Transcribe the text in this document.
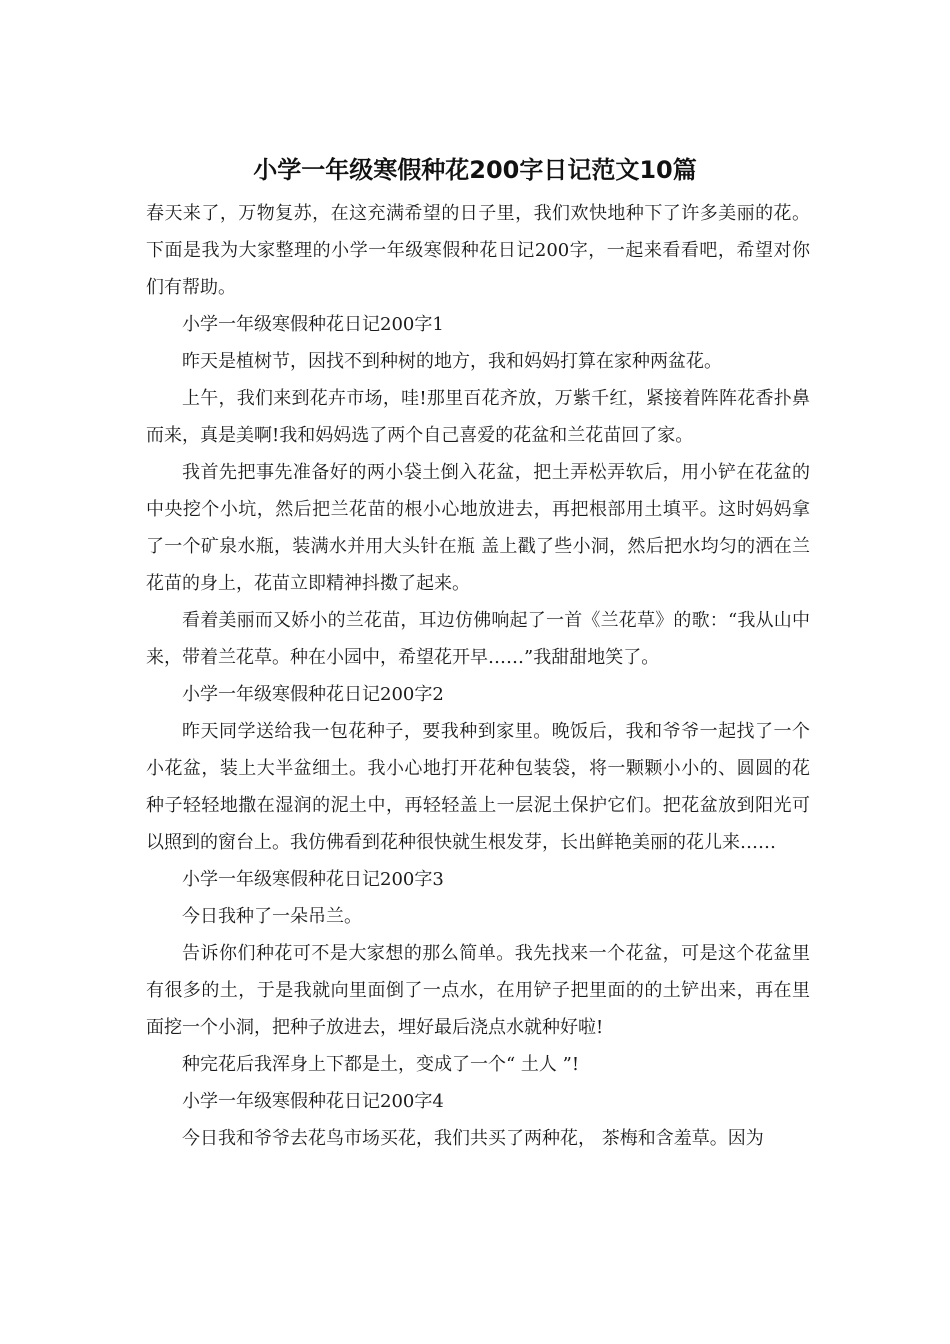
小学一年级寒假种花200字日记范文10篇

春天来了，万物复苏，在这充满希望的日子里，我们欢快地种下了许多美丽的花。下面是我为大家整理的小学一年级寒假种花日记200字，一起来看看吧，希望对你们有帮助。

小学一年级寒假种花日记200字1

昨天是植树节，因找不到种树的地方，我和妈妈打算在家种两盆花。

上午，我们来到花卉市场，哇!那里百花齐放，万紫千红，紧接着阵阵花香扑鼻而来，真是美啊!我和妈妈选了两个自己喜爱的花盆和兰花苗回了家。

我首先把事先准备好的两小袋土倒入花盆，把土弄松弄软后，用小铲在花盆的中央挖个小坑，然后把兰花苗的根小心地放进去，再把根部用土填平。这时妈妈拿了一个矿泉水瓶，装满水并用大头针在瓶 盖上戳了些小洞，然后把水均匀的洒在兰花苗的身上，花苗立即精神抖擞了起来。

看着美丽而又娇小的兰花苗，耳边仿佛响起了一首《兰花草》的歌：“我从山中来，带着兰花草。种在小园中，希望花开早……”我甜甜地笑了。

小学一年级寒假种花日记200字2

昨天同学送给我一包花种子，要我种到家里。晚饭后，我和爷爷一起找了一个小花盆，装上大半盆细土。我小心地打开花种包装袋，将一颗颗小小的、圆圆的花种子轻轻地撒在湿润的泥土中，再轻轻盖上一层泥土保护它们。把花盆放到阳光可以照到的窗台上。我仿佛看到花种很快就生根发芽，长出鲜艳美丽的花儿来……

小学一年级寒假种花日记200字3

今日我种了一朵吊兰。

告诉你们种花可不是大家想的那么简单。我先找来一个花盆，可是这个花盆里有很多的土，于是我就向里面倒了一点水，在用铲子把里面的的土铲出来，再在里面挖一个小洞，把种子放进去，埋好最后浇点水就种好啦!

种完花后我浑身上下都是土，变成了一个“ 土人 ”!

小学一年级寒假种花日记200字4

今日我和爷爷去花鸟市场买花，我们共买了两种花， 茶梅和含羞草。因为
